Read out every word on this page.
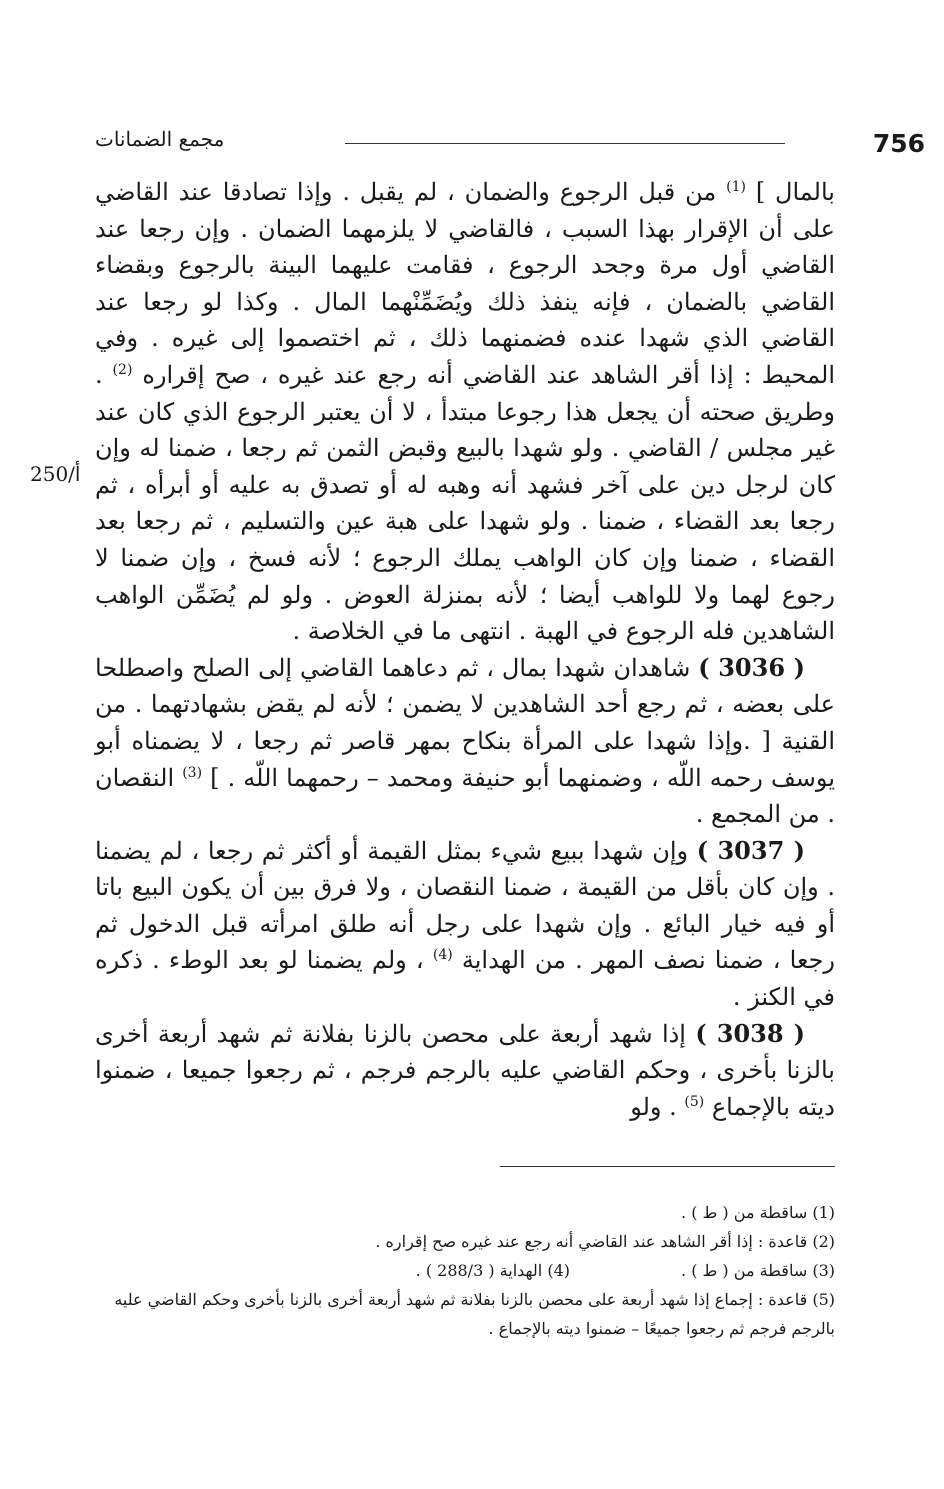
756
مجمع الضمانات
250/أ

بالمال ] $^{(1)}$ من قبل الرجوع والضمان ، لم يقبل . وإذا تصادقا عند القاضي على أن الإقرار بهذا السبب ، فالقاضي لا يلزمهما الضمان . وإن رجعا عند القاضي أول مرة وجحد الرجوع ، فقامت عليهما البينة بالرجوع وبقضاء القاضي بالضمان ، فإنه ينفذ ذلك ويُضَمِّنْهما المال . وكذا لو رجعا عند القاضي الذي شهدا عنده فضمنهما ذلك ، ثم اختصموا إلى غيره . وفي المحيط : إذا أقر الشاهد عند القاضي أنه رجع عند غيره ، صح إقراره $^{(2)}$ . وطريق صحته أن يجعل هذا رجوعا مبتدأ ، لا أن يعتبر الرجوع الذي كان عند غير مجلس / القاضي . ولو شهدا بالبيع وقبض الثمن ثم رجعا ، ضمنا له وإن كان لرجل دين على آخر فشهد أنه وهبه له أو تصدق به عليه أو أبرأه ، ثم رجعا بعد القضاء ، ضمنا . ولو شهدا على هبة عين والتسليم ، ثم رجعا بعد القضاء ، ضمنا وإن كان الواهب يملك الرجوع ؛ لأنه فسخ ، وإن ضمنا لا رجوع لهما ولا للواهب أيضا ؛ لأنه بمنزلة العوض . ولو لم يُضَمِّن الواهب الشاهدين فله الرجوع في الهبة . انتهى ما في الخلاصة .

( 3036 ) شاهدان شهدا بمال ، ثم دعاهما القاضي إلى الصلح واصطلحا على بعضه ، ثم رجع أحد الشاهدين لا يضمن ؛ لأنه لم يقض بشهادتهما . من القنية [ .وإذا شهدا على المرأة بنكاح بمهر قاصر ثم رجعا ، لا يضمناه أبو يوسف رحمه اللّه ، وضمنهما أبو حنيفة ومحمد – رحمهما اللّه . ] $^{(3)}$ النقصان . من المجمع .

( 3037 ) وإن شهدا ببيع شيء بمثل القيمة أو أكثر ثم رجعا ، لم يضمنا . وإن كان بأقل من القيمة ، ضمنا النقصان ، ولا فرق بين أن يكون البيع باتا أو فيه خيار البائع . وإن شهدا على رجل أنه طلق امرأته قبل الدخول ثم رجعا ، ضمنا نصف المهر . من الهداية $^{(4)}$ ، ولم يضمنا لو بعد الوطء . ذكره في الكنز .

( 3038 ) إذا شهد أربعة على محصن بالزنا بفلانة ثم شهد أربعة أخرى بالزنا بأخرى ، وحكم القاضي عليه بالرجم فرجم ، ثم رجعوا جميعا ، ضمنوا ديته بالإجماع $^{(5)}$ . ولو

(1) ساقطة من ( ط ) .

(2) قاعدة : إذا أقر الشاهد عند القاضي أنه رجع عند غيره صح إقراره .

(3) ساقطة من ( ط ) .

(4) الهداية ( 288/3 ) .

(5) قاعدة : إجماع إذا شهد أربعة على محصن بالزنا بفلانة ثم شهد أربعة أخرى بالزنا بأخرى وحكم القاضي عليه بالرجم فرجم ثم رجعوا جميعًا – ضمنوا ديته بالإجماع .
